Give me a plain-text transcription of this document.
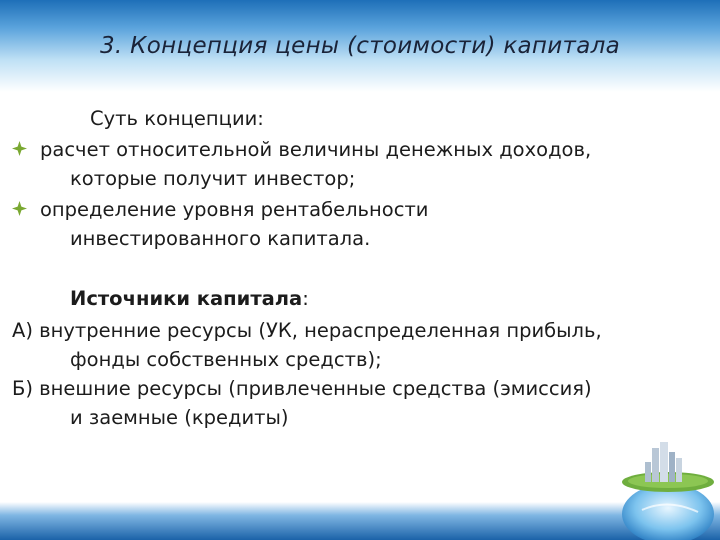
3. Концепция цены (стоимости) капитала
Суть концепции:
расчет относительной величины денежных доходов,
которые получит инвестор;
определение уровня рентабельности
инвестированного капитала.
Источники капитала:
А) внутренние ресурсы (УК, нераспределенная прибыль,
фонды собственных средств);
Б) внешние ресурсы (привлеченные средства (эмиссия)
и заемные (кредиты)
